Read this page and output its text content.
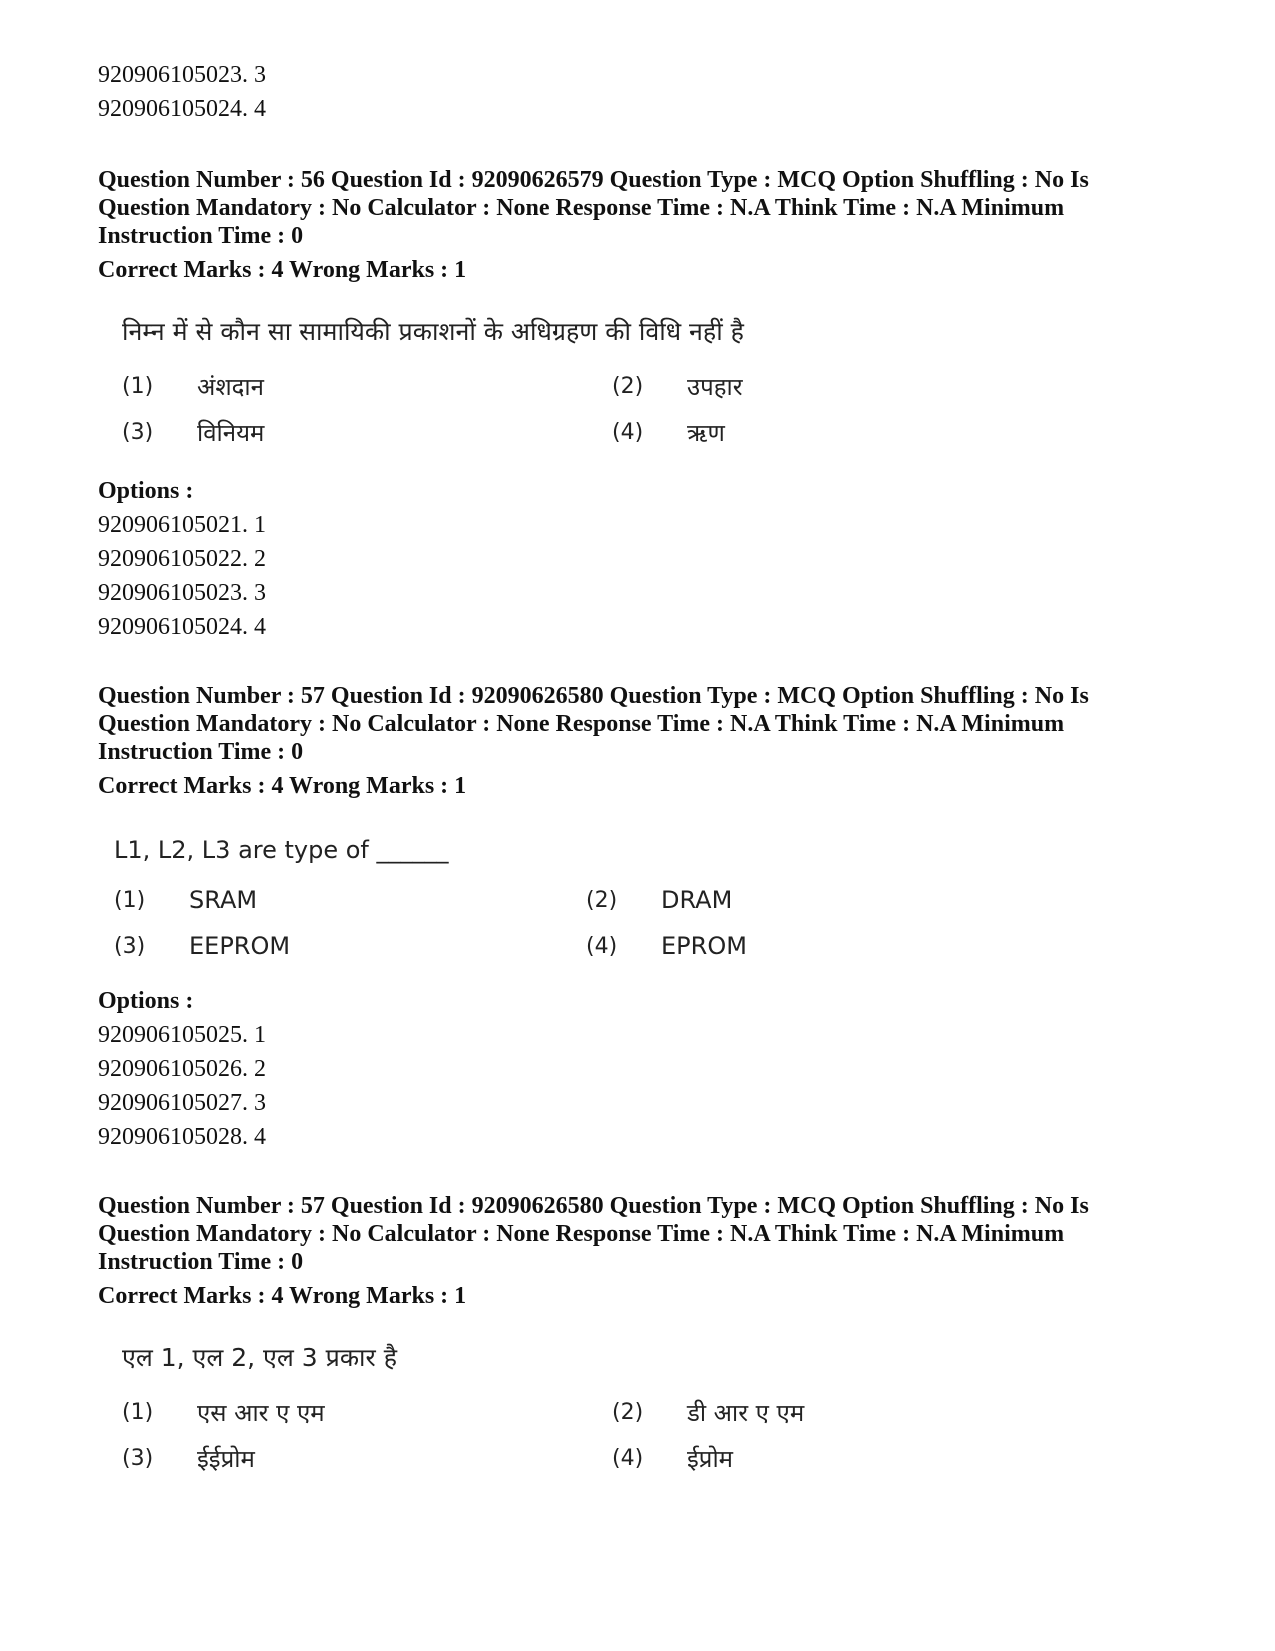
920906105023. 3
920906105024. 4
Question Number : 56 Question Id : 92090626579 Question Type : MCQ Option Shuffling : No Is Question Mandatory : No Calculator : None Response Time : N.A Think Time : N.A Minimum Instruction Time : 0
Correct Marks : 4 Wrong Marks : 1
निम्न में से कौन सा सामायिकी प्रकाशनों के अधिग्रहण की विधि नहीं है
(1)	अंशदान	(2)	उपहार
(3)	विनियम	(4)	ऋण
Options :
920906105021. 1
920906105022. 2
920906105023. 3
920906105024. 4
Question Number : 57 Question Id : 92090626580 Question Type : MCQ Option Shuffling : No Is Question Mandatory : No Calculator : None Response Time : N.A Think Time : N.A Minimum Instruction Time : 0
Correct Marks : 4 Wrong Marks : 1
L1, L2, L3 are type of ______
(1)	SRAM	(2)	DRAM
(3)	EEPROM	(4)	EPROM
Options :
920906105025. 1
920906105026. 2
920906105027. 3
920906105028. 4
Question Number : 57 Question Id : 92090626580 Question Type : MCQ Option Shuffling : No Is Question Mandatory : No Calculator : None Response Time : N.A Think Time : N.A Minimum Instruction Time : 0
Correct Marks : 4 Wrong Marks : 1
एल 1, एल 2, एल 3 प्रकार है
(1)	एस आर ए एम	(2)	डी आर ए एम
(3)	ईईप्रोम	(4)	ईप्रोम
